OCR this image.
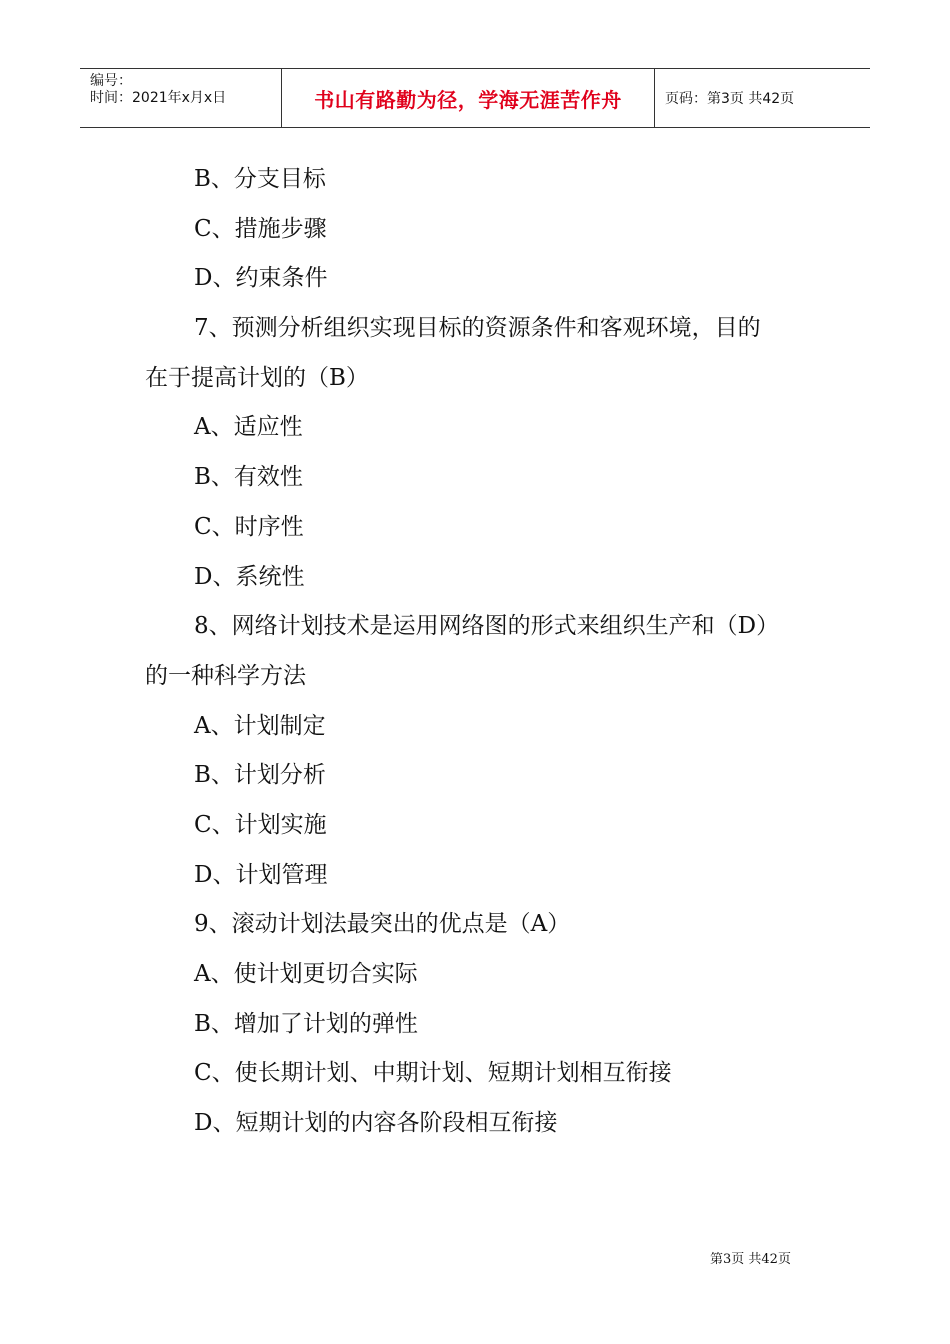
编号：
时间：2021年x月x日	书山有路勤为径，学海无涯苦作舟	页码：第3页 共42页
B、分支目标
C、措施步骤
D、约束条件
7、预测分析组织实现目标的资源条件和客观环境，目的
在于提高计划的（B）
A、适应性
B、有效性
C、时序性
D、系统性
8、网络计划技术是运用网络图的形式来组织生产和（D）
的一种科学方法
A、计划制定
B、计划分析
C、计划实施
D、计划管理
9、滚动计划法最突出的优点是（A）
A、使计划更切合实际
B、增加了计划的弹性
C、使长期计划、中期计划、短期计划相互衔接
D、短期计划的内容各阶段相互衔接
第3页 共42页
